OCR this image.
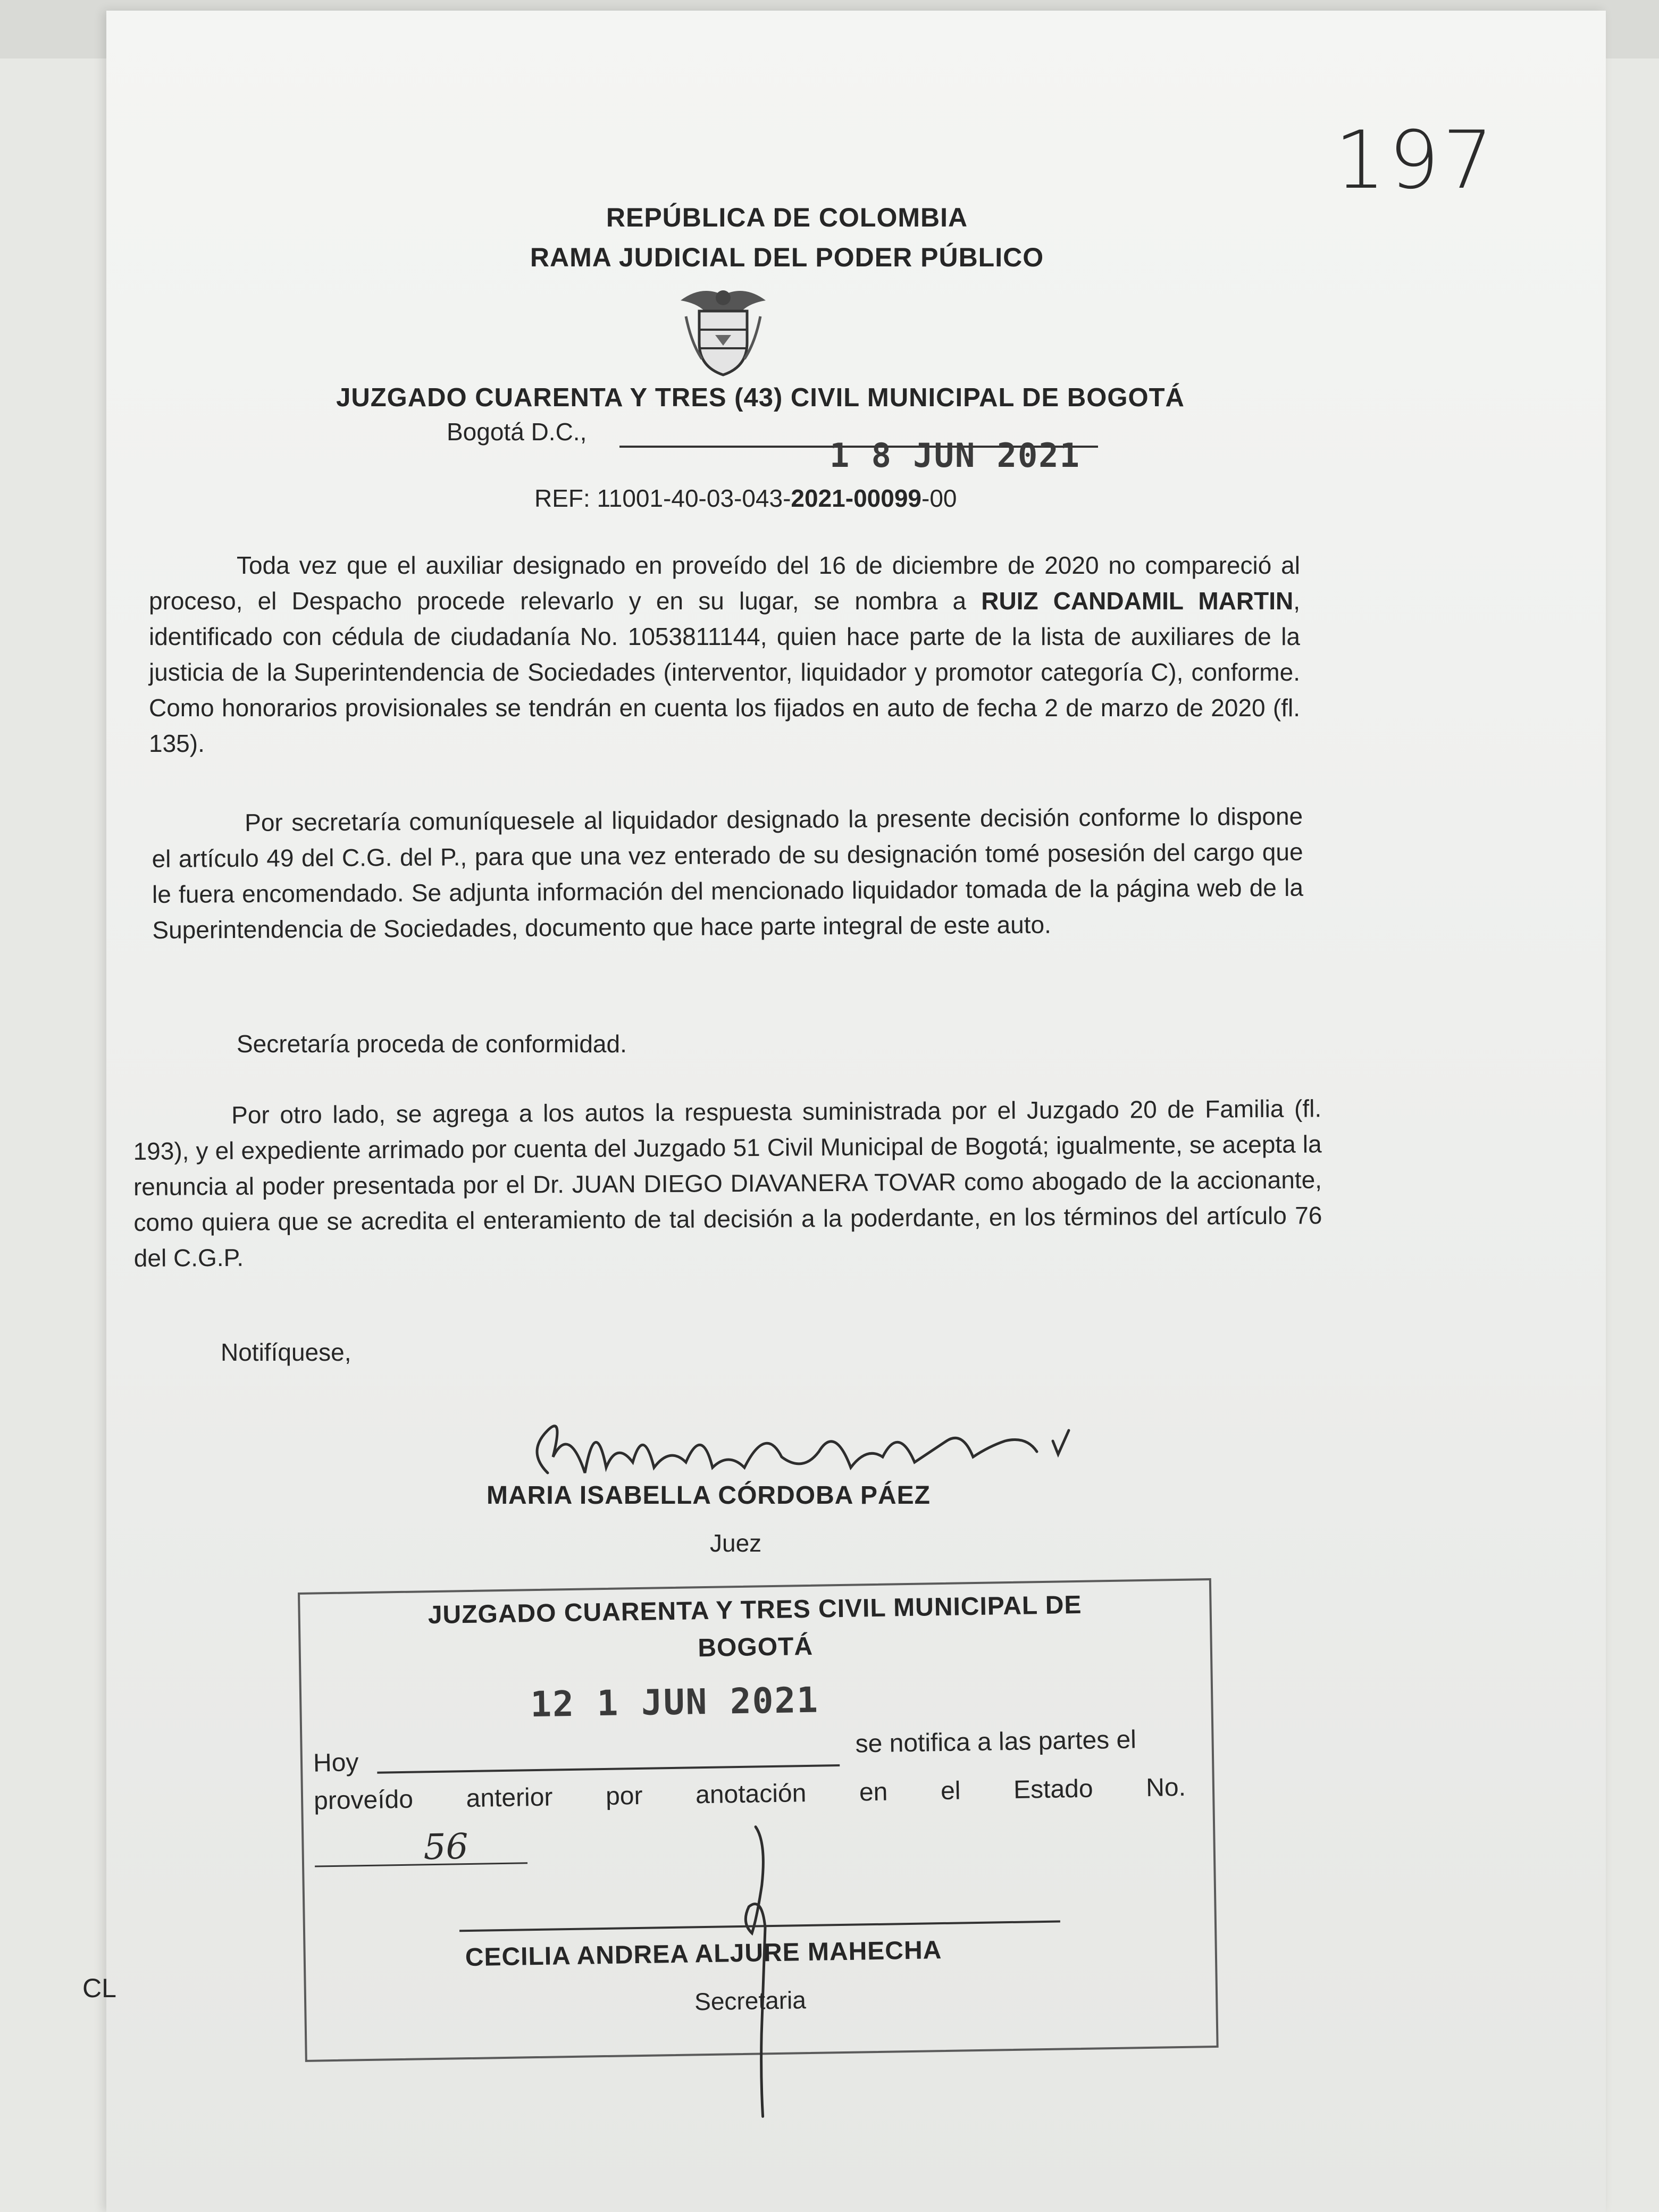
197
REPÚBLICA DE COLOMBIA
RAMA JUDICIAL DEL PODER PÚBLICO
JUZGADO CUARENTA Y TRES (43) CIVIL MUNICIPAL DE BOGOTÁ
Bogotá D.C.,
1 8 JUN 2021
REF: 11001-40-03-043-2021-00099-00
Toda vez que el auxiliar designado en proveído del 16 de diciembre de 2020 no compareció al proceso, el Despacho procede relevarlo y en su lugar, se nombra a RUIZ CANDAMIL MARTIN, identificado con cédula de ciudadanía No. 1053811144, quien hace parte de la lista de auxiliares de la justicia de la Superintendencia de Sociedades (interventor, liquidador y promotor categoría C), conforme. Como honorarios provisionales se tendrán en cuenta los fijados en auto de fecha 2 de marzo de 2020 (fl. 135).
Por secretaría comuníquesele al liquidador designado la presente decisión conforme lo dispone el artículo 49 del C.G. del P., para que una vez enterado de su designación tomé posesión del cargo que le fuera encomendado. Se adjunta información del mencionado liquidador tomada de la página web de la Superintendencia de Sociedades, documento que hace parte integral de este auto.
Secretaría proceda de conformidad.
Por otro lado, se agrega a los autos la respuesta suministrada por el Juzgado 20 de Familia (fl. 193), y el expediente arrimado por cuenta del Juzgado 51 Civil Municipal de Bogotá; igualmente, se acepta la renuncia al poder presentada por el Dr. JUAN DIEGO DIAVANERA TOVAR como abogado de la accionante, como quiera que se acredita el enteramiento de tal decisión a la poderdante, en los términos del artículo 76 del C.G.P.
Notifíquese,
MARIA ISABELLA CÓRDOBA PÁEZ
Juez
JUZGADO CUARENTA Y TRES CIVIL MUNICIPAL DE
BOGOTÁ
12 1 JUN 2021
Hoy
se notifica a las partes el
proveído anterior por anotación en el Estado No.
56
CECILIA ANDREA ALJURE MAHECHA
Secretaria
CL
